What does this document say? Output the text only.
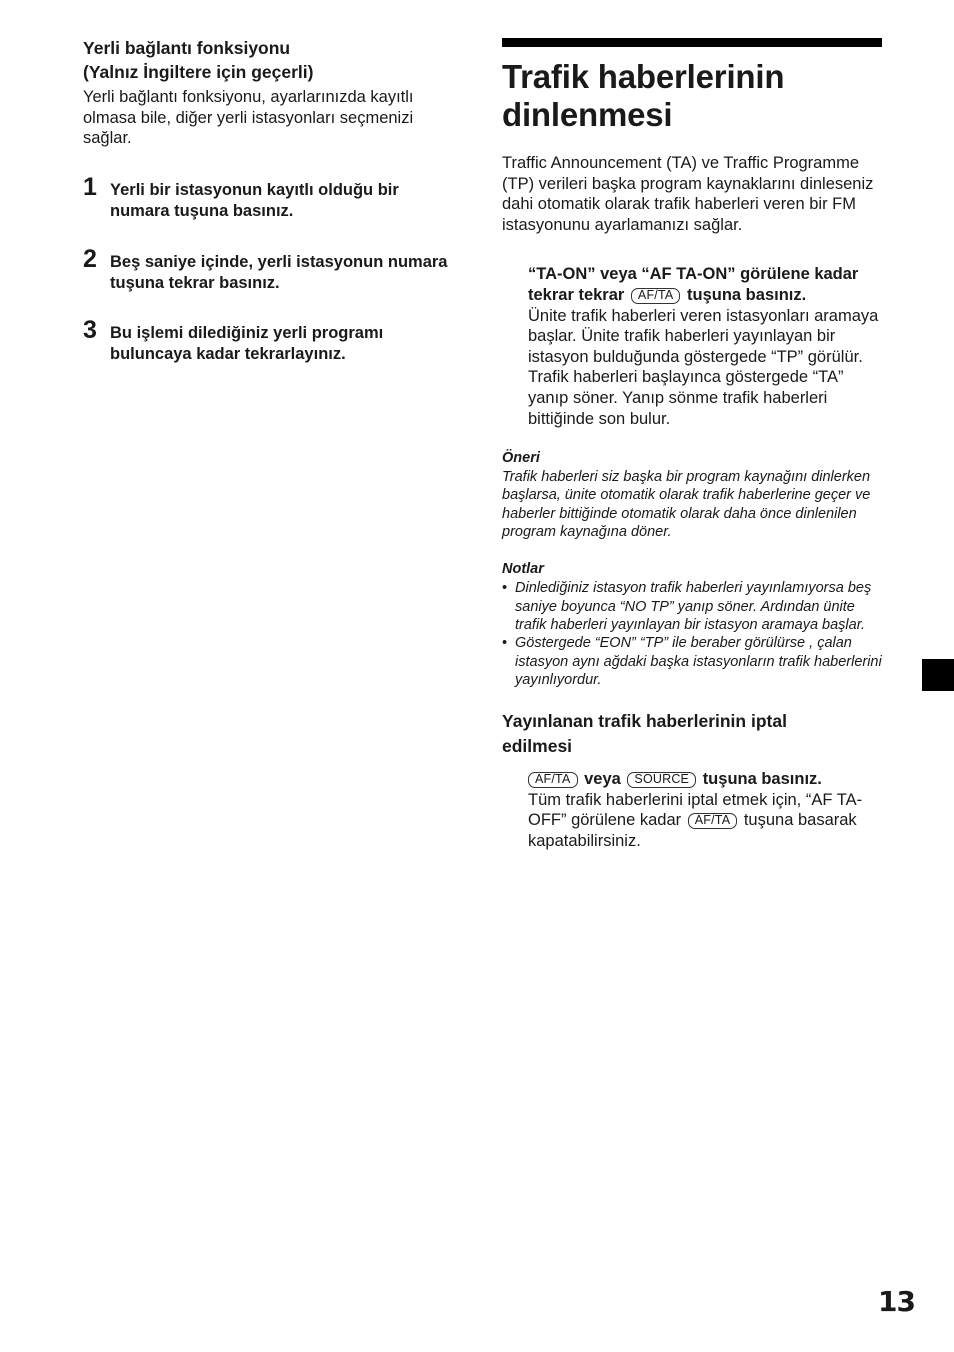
Yerli bağlantı fonksiyonu
(Yalnız İngiltere için geçerli)

Yerli bağlantı fonksiyonu, ayarlarınızda kayıtlı olmasa bile, diğer yerli istasyonları seçmenizi sağlar.

1 Yerli bir istasyonun kayıtlı olduğu bir numara tuşuna basınız.
2 Beş saniye içinde, yerli istasyonun numara tuşuna tekrar basınız.
3 Bu işlemi dilediğiniz yerli programı buluncaya kadar tekrarlayınız.
Trafik haberlerinin
dinlenmesi

Traffic Announcement (TA) ve Traffic Programme (TP) verileri başka program kaynaklarını dinleseniz dahi otomatik olarak trafik haberleri veren bir FM istasyonunu ayarlamanızı sağlar.

“TA-ON” veya “AF TA-ON” görülene kadar tekrar tekrar AF/TA tuşuna basınız.
Ünite trafik haberleri veren istasyonları aramaya başlar. Ünite trafik haberleri yayınlayan bir istasyon bulduğunda göstergede “TP” görülür.
Trafik haberleri başlayınca göstergede “TA” yanıp söner. Yanıp sönme trafik haberleri bittiğinde son bulur.

Öneri

Trafik haberleri siz başka bir program kaynağını dinlerken başlarsa, ünite otomatik olarak trafik haberlerine geçer ve haberler bittiğinde otomatik olarak daha önce dinlenilen program kaynağına döner.

Notlar

• Dinlediğiniz istasyon trafik haberleri yayınlamıyorsa beş saniye boyunca “NO TP” yanıp söner. Ardından ünite trafik haberleri yayınlayan bir istasyon aramaya başlar.
• Göstergede “EON” “TP” ile beraber görülürse , çalan istasyon aynı ağdaki başka istasyonların trafik haberlerini yayınlıyordur.

Yayınlanan trafik haberlerinin iptal
edilmesi

AF/TA veya SOURCE tuşuna basınız.
Tüm trafik haberlerini iptal etmek için, “AF TA-OFF” görülene kadar AF/TA tuşuna basarak kapatabilirsiniz.
13
